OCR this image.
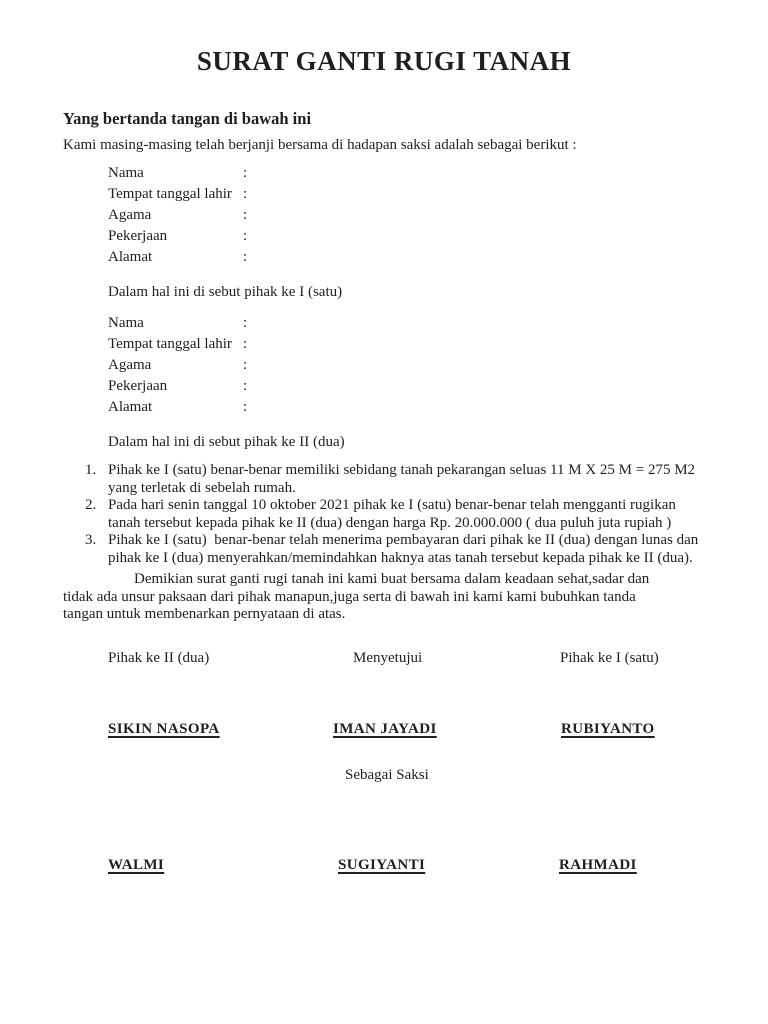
SURAT GANTI RUGI TANAH
Yang bertanda tangan di bawah ini
Kami masing-masing telah berjanji bersama di hadapan saksi adalah sebagai berikut :
Nama	:
Tempat tanggal lahir :
Agama	:
Pekerjaan	:
Alamat	:
Dalam hal ini di sebut pihak ke I (satu)
Nama	:
Tempat tanggal lahir :
Agama	:
Pekerjaan	:
Alamat	:
Dalam hal ini di sebut pihak ke II (dua)
1. Pihak ke I (satu) benar-benar memiliki sebidang tanah pekarangan seluas 11 M X 25 M = 275 M2
yang terletak di sebelah rumah.
2. Pada hari senin tanggal 10 oktober 2021 pihak ke I (satu) benar-benar telah mengganti rugikan
tanah tersebut kepada pihak ke II (dua) dengan harga Rp. 20.000.000 ( dua puluh juta rupiah )
3. Pihak ke I (satu)  benar-benar telah menerima pembayaran dari pihak ke II (dua) dengan lunas dan
pihak ke I (dua) menyerahkan/memindahkan haknya atas tanah tersebut kepada pihak ke II (dua).
Demikian surat ganti rugi tanah ini kami buat bersama dalam keadaan sehat,sadar dan
tidak ada unsur paksaan dari pihak manapun,juga serta di bawah ini kami kami bubuhkan tanda
tangan untuk membenarkan pernyataan di atas.
Pihak ke II (dua)	Menyetujui	Pihak ke I (satu)
SIKIN NASOPA	IMAN JAYADI	RUBIYANTO
Sebagai Saksi
WALMI	SUGIYANTI	RAHMADI
